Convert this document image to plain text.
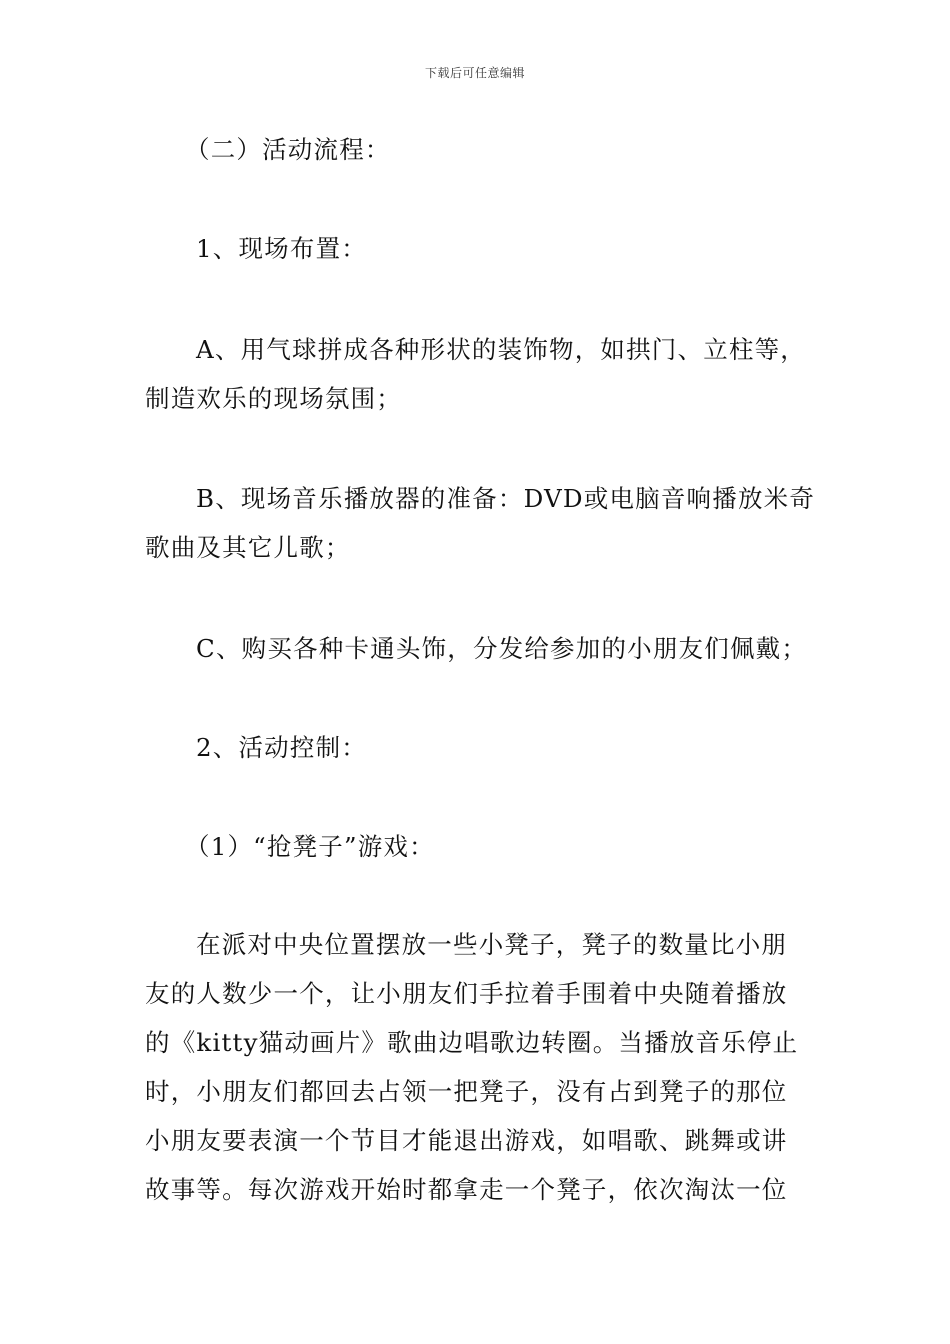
下载后可任意编辑
（二）活动流程：
1、现场布置：
A、用气球拼成各种形状的装饰物，如拱门、立柱等，
制造欢乐的现场氛围；
B、现场音乐播放器的准备：DVD或电脑音响播放米奇
歌曲及其它儿歌；
C、购买各种卡通头饰，分发给参加的小朋友们佩戴；
2、活动控制：
（1）“抢凳子”游戏：
在派对中央位置摆放一些小凳子，凳子的数量比小朋
友的人数少一个，让小朋友们手拉着手围着中央随着播放
的《kitty猫动画片》歌曲边唱歌边转圈。当播放音乐停止
时，小朋友们都回去占领一把凳子，没有占到凳子的那位
小朋友要表演一个节目才能退出游戏，如唱歌、跳舞或讲
故事等。每次游戏开始时都拿走一个凳子，依次淘汰一位
